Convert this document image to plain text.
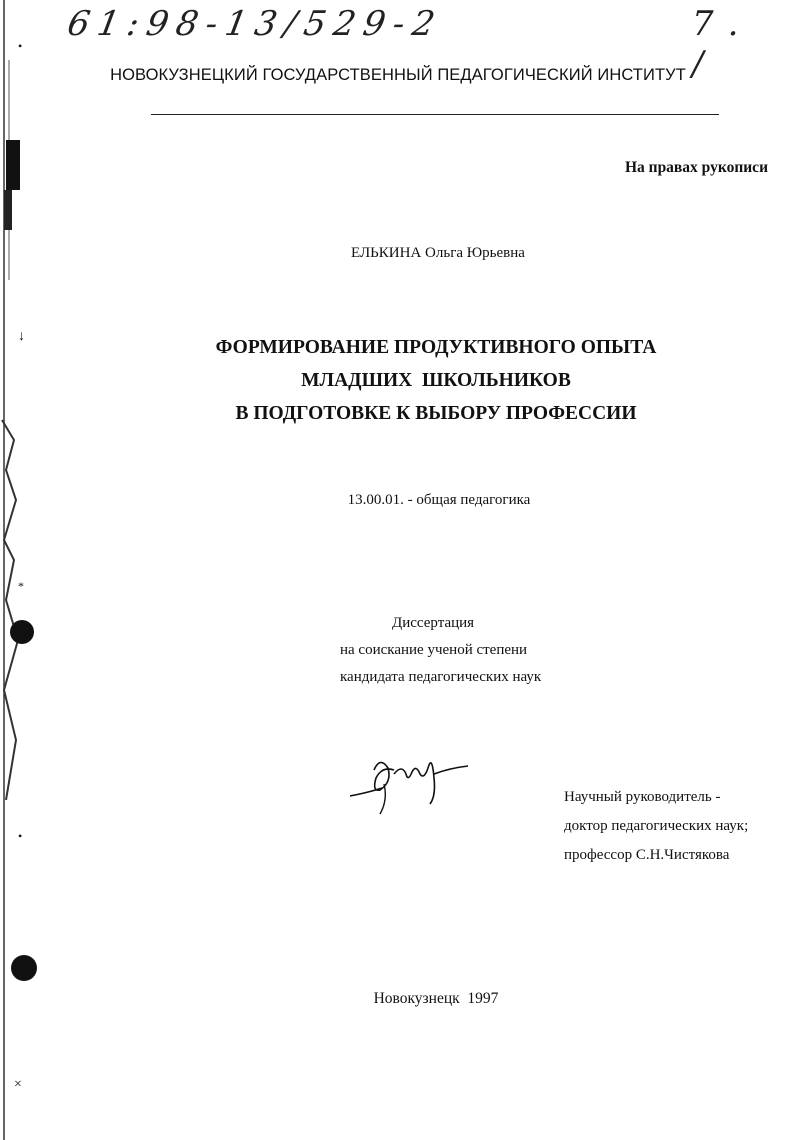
•
↓
*
•
×
61:98-13/529-2	7. /
НОВОКУЗНЕЦКИЙ ГОСУДАРСТВЕННЫЙ ПЕДАГОГИЧЕСКИЙ ИНСТИТУТ
На правах рукописи
ЕЛЬКИНА Ольга Юрьевна
ФОРМИРОВАНИЕ ПРОДУКТИВНОГО ОПЫТА
МЛАДШИХ  ШКОЛЬНИКОВ
В ПОДГОТОВКЕ К ВЫБОРУ ПРОФЕССИИ
13.00.01. - общая педагогика
Диссертация
на соискание ученой степени
кандидата педагогических наук
Научный руководитель -
доктор педагогических наук;
профессор С.Н.Чистякова
Новокузнецк  1997
